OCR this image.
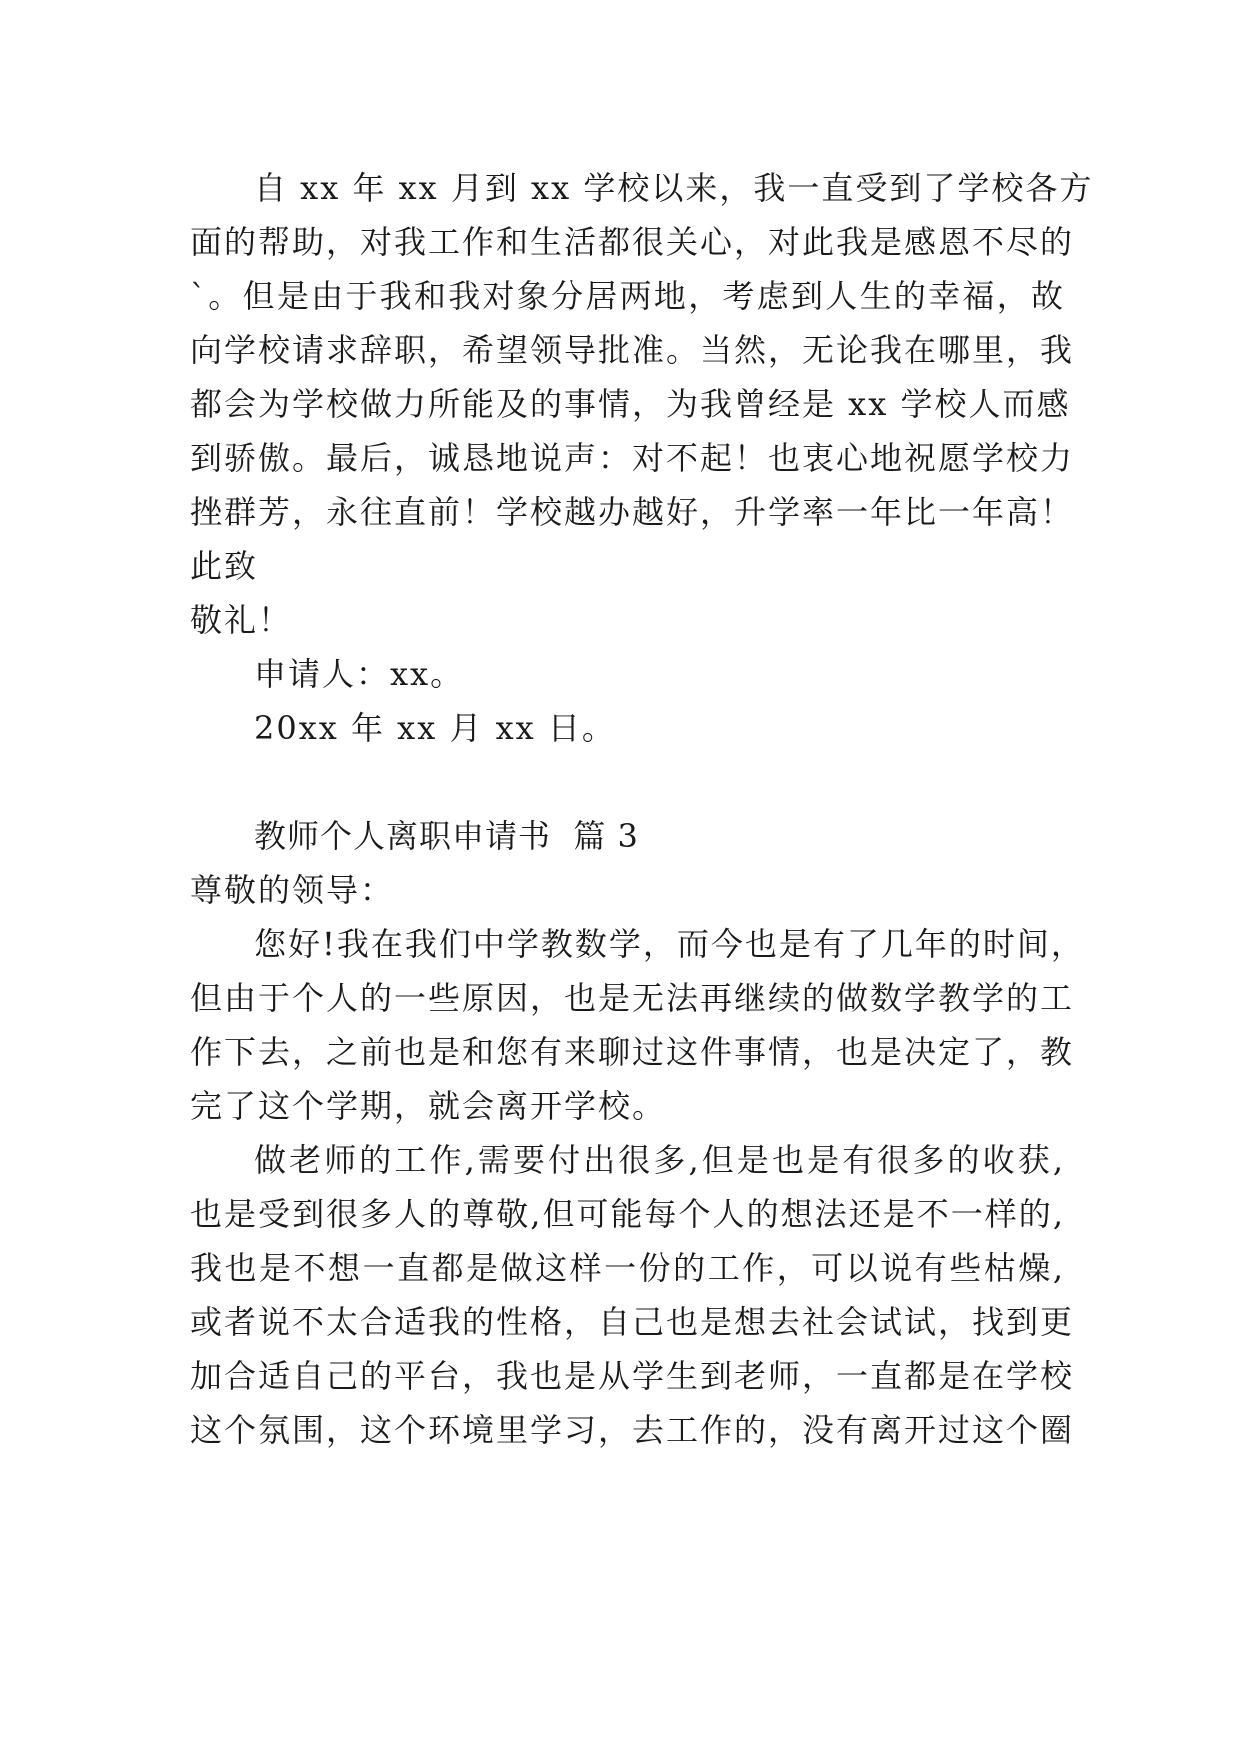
自 xx 年 xx 月到 xx 学校以来，我一直受到了学校各方
面的帮助，对我工作和生活都很关心，对此我是感恩不尽的
`。但是由于我和我对象分居两地，考虑到人生的幸福，故
向学校请求辞职，希望领导批准。当然，无论我在哪里，我
都会为学校做力所能及的事情，为我曾经是 xx 学校人而感
到骄傲。最后，诚恳地说声：对不起！也衷心地祝愿学校力
挫群芳，永往直前！学校越办越好，升学率一年比一年高！
此致
敬礼！
申请人：xx。
20xx 年 xx 月 xx 日。
教师个人离职申请书  篇 3
尊敬的领导：
您好!我在我们中学教数学，而今也是有了几年的时间，
但由于个人的一些原因，也是无法再继续的做数学教学的工
作下去，之前也是和您有来聊过这件事情，也是决定了，教
完了这个学期，就会离开学校。
做老师的工作,需要付出很多,但是也是有很多的收获,
也是受到很多人的尊敬,但可能每个人的想法还是不一样的,
我也是不想一直都是做这样一份的工作，可以说有些枯燥,
或者说不太合适我的性格，自己也是想去社会试试，找到更
加合适自己的平台，我也是从学生到老师，一直都是在学校
这个氛围，这个环境里学习，去工作的，没有离开过这个圈
